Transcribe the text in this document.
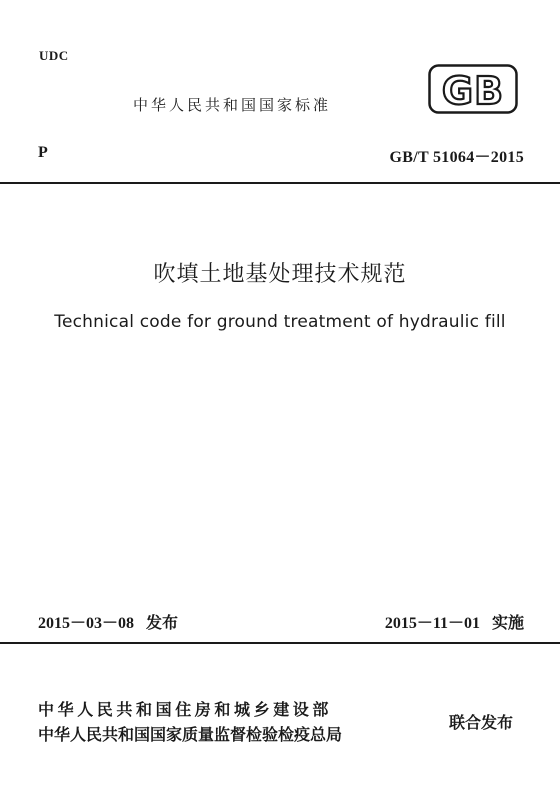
UDC
中华人民共和国国家标准	GB
P	GB/T 51064－2015
吹填土地基处理技术规范
Technical code for ground treatment of hydraulic fill
2015－03－08 发布	2015－11－01 实施
中华人民共和国住房和城乡建设部
中华人民共和国国家质量监督检验检疫总局
联合发布
